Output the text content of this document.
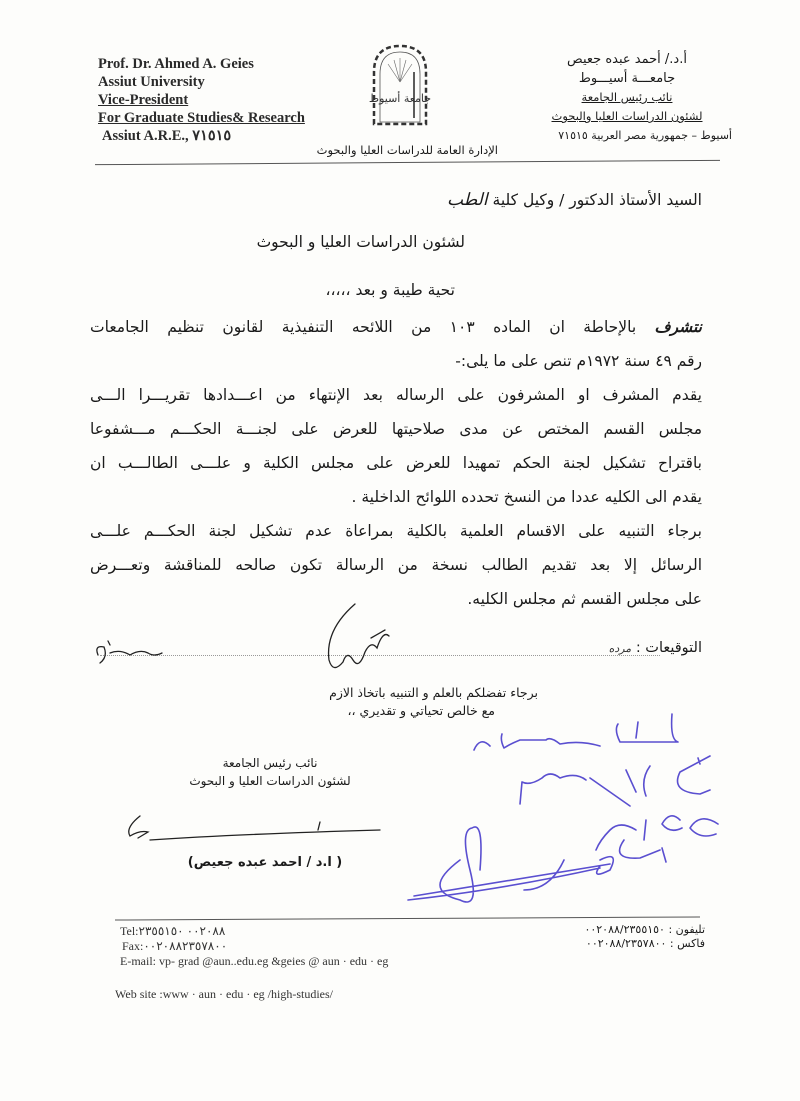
Prof. Dr. Ahmed A. Geies
Assiut University
Vice-President
For Graduate Studies& Research
Assiut A.R.E., ٧١٥١٥
جامعة أسيوط
أ.د./ أحمد عبده جعيص
جامعـــة أسيـــوط
نائب رئيس الجامعة
لشئون الدراسات العليا والبحوث
أسيوط – جمهورية مصر العربية ٧١٥١٥
الإدارة العامة للدراسات العليا والبحوث
السيد الأستاذ الدكتور / وكيل كلية الطب
لشئون الدراسات العليا و البحوث
تحية طيبة و بعد ،،،،،
نتشرف بالإحاطة ان الماده ١٠٣ من اللائحه التنفيذية لقانون تنظيم الجامعات
رقم ٤٩ سنة ١٩٧٢م تنص على ما يلى:-
يقدم المشرف او المشرفون على الرساله بعد الإنتهاء من اعـــدادها تقريـــرا الـــى
مجلس القسم المختص عن مدى صلاحيتها للعرض على لجنـــة الحكـــم مـــشفوعا
باقتراح تشكيل لجنة الحكم تمهيدا للعرض على مجلس الكلية و علـــى الطالـــب ان
يقدم الى الكليه عددا من النسخ تحدده اللوائح الداخلية .
برجاء التنبيه على الاقسام العلمية بالكلية بمراعاة عدم تشكيل لجنة الحكـــم علـــى
الرسائل إلا بعد تقديم الطالب نسخة من الرسالة تكون صالحه للمناقشة وتعـــرض
على مجلس القسم ثم مجلس الكليه.
التوقيعات : مرده
برجاء تفضلكم بالعلم و التنبيه باتخاذ الازم
مع خالص تحياتي و تقديري ،،
نائب رئيس الجامعة
لشئون الدراسات العليا و البحوث
( ا.د / احمد عبده جعيص)
Tel:٠٠٢٠٨٨ ٢٣٥٥١٥٠
Fax:٠٠٢٠٨٨٢٣٥٧٨٠٠
E-mail: vp- grad @aun..edu.eg &geies @ aun · edu · eg
Web site :www · aun · edu · eg /high-studies/
تليفون : ٠٠٢٠٨٨/٢٣٥٥١٥٠
فاكس : ٠٠٢٠٨٨/٢٣٥٧٨٠٠
